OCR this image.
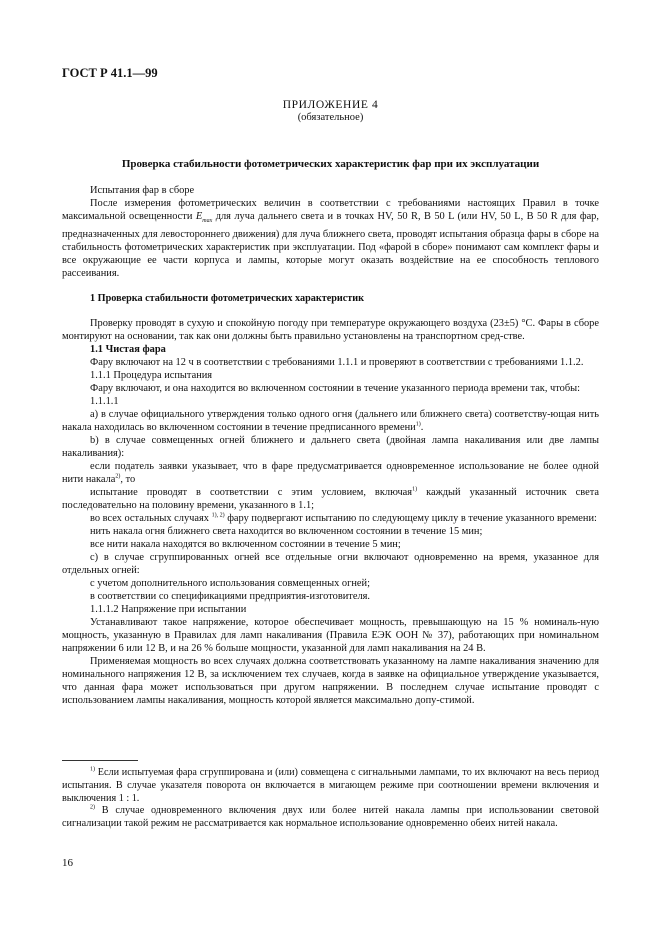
ГОСТ Р 41.1—99
ПРИЛОЖЕНИЕ 4
(обязательное)
Проверка стабильности фотометрических характеристик фар при их эксплуатации

Испытания фар в сборе

После измерения фотометрических величин в соответствии с требованиями настоящих Правил в точке максимальной освещенности $E_{max}$ для луча дальнего света и в точках HV, 50 R, B 50 L (или HV, 50 L, B 50 R для фар, предназначенных для левостороннего движения) для луча ближнего света, проводят испытания образца фары в сборе на стабильность фотометрических характеристик при эксплуатации. Под «фарой в сборе» понимают сам комплект фары и все окружающие ее части корпуса и лампы, которые могут оказать воздействие на ее способность теплового рассеивания.

1 Проверка стабильности фотометрических характеристик

Проверку проводят в сухую и спокойную погоду при температуре окружающего воздуха (23±5) °С. Фары в сборе монтируют на основании, так как они должны быть правильно установлены на транспортном сред-стве.

1.1 Чистая фара

Фару включают на 12 ч в соответствии с требованиями 1.1.1 и проверяют в соответствии с требованиями 1.1.2.

1.1.1 Процедура испытания

Фару включают, и она находится во включенном состоянии в течение указанного периода времени так, чтобы:

1.1.1.1

а) в случае официального утверждения только одного огня (дальнего или ближнего света) соответству-ющая нить накала находилась во включенном состоянии в течение предписанного времени$^{1)}$.

b) в случае совмещенных огней ближнего и дальнего света (двойная лампа накаливания или две лампы накаливания):

если податель заявки указывает, что в фаре предусматривается одновременное использование не более одной нити накала$^{2)}$, то

испытание проводят в соответствии с этим условием, включая$^{1)}$ каждый указанный источник света последовательно на половину времени, указанного в 1.1;

во всех остальных случаях $^{1), 2)}$ фару подвергают испытанию по следующему циклу в течение указанного времени:

нить накала огня ближнего света находится во включенном состоянии в течение 15 мин;

все нити накала находятся во включенном состоянии в течение 5 мин;

c) в случае сгруппированных огней все отдельные огни включают одновременно на время, указанное для отдельных огней:

с учетом дополнительного использования совмещенных огней;

в соответствии со спецификациями предприятия-изготовителя.

1.1.1.2 Напряжение при испытании

Устанавливают такое напряжение, которое обеспечивает мощность, превышающую на 15 % номиналь-ную мощность, указанную в Правилах для ламп накаливания (Правила ЕЭК ООН № 37), работающих при номинальном напряжении 6 или 12 В, и на 26 % больше мощности, указанной для ламп накаливания на 24 В.

Применяемая мощность во всех случаях должна соответствовать указанному на лампе накаливания значению для номинального напряжения 12 В, за исключением тех случаев, когда в заявке на официальное утверждение указывается, что данная фара может использоваться при другом напряжении. В последнем случае испытание проводят с использованием лампы накаливания, мощность которой является максимально допу-стимой.

$^{1)}$ Если испытуемая фара сгруппирована и (или) совмещена с сигнальными лампами, то их включают на весь период испытания. В случае указателя поворота он включается в мигающем режиме при соотношении времени включения и выключения 1 : 1.

$^{2)}$ В случае одновременного включения двух или более нитей накала лампы при использовании световой сигнализации такой режим не рассматривается как нормальное использование одновременно обеих нитей накала.

16
